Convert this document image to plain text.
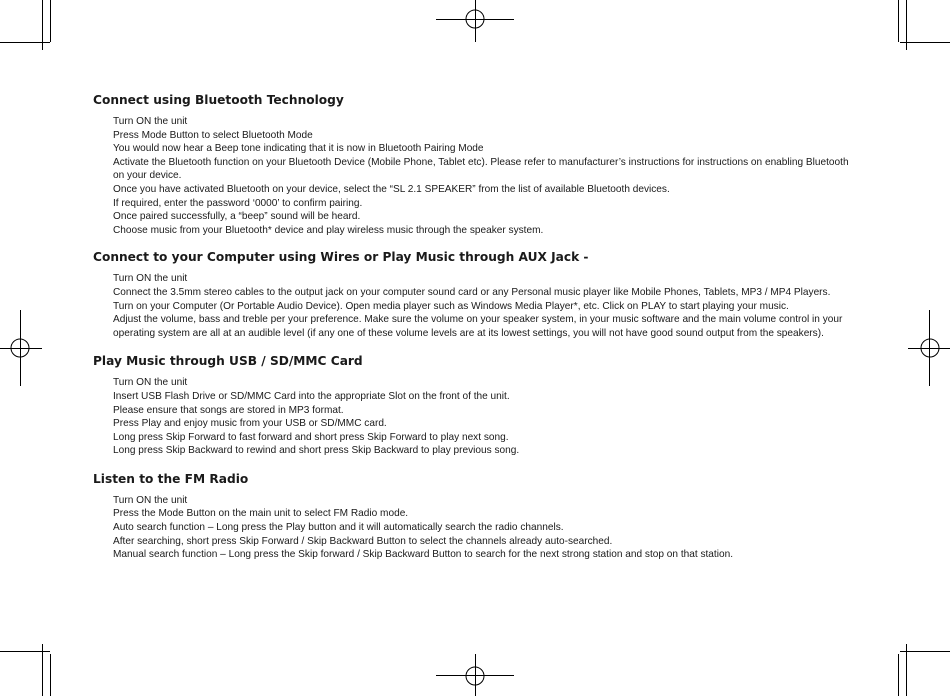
Connect using Bluetooth Technology
Turn ON the unit
Press Mode Button to select Bluetooth Mode
You would now hear a Beep tone indicating that it is now in Bluetooth Pairing Mode
Activate the Bluetooth function on your Bluetooth Device (Mobile Phone, Tablet etc). Please refer to manufacturer’s instructions for instructions on enabling Bluetooth on your device.
Once you have activated Bluetooth on your device, select the “SL 2.1 SPEAKER” from the list of available Bluetooth devices.
If required, enter the password ‘0000’ to confirm pairing.
Once paired successfully, a “beep” sound will be heard.
Choose music from your Bluetooth* device and play wireless music through the speaker system.
Connect to your Computer using Wires or Play Music through AUX Jack -
Turn ON the unit
Connect the 3.5mm stereo cables to the output jack on your computer sound card or any Personal music player like Mobile Phones, Tablets, MP3 / MP4 Players.
Turn on your Computer (Or Portable Audio Device). Open media player such as Windows Media Player*, etc. Click on PLAY to start playing your music.
Adjust the volume, bass and treble per your preference. Make sure the volume on your speaker system, in your music software and the main volume control in your operating system are all at an audible level (if any one of these volume levels are at its lowest settings, you will not have good sound output from the speakers).
Play Music through USB / SD/MMC Card
Turn ON the unit
Insert USB Flash Drive or SD/MMC Card into the appropriate Slot on the front of the unit.
Please ensure that songs are stored in MP3 format.
Press Play and enjoy music from your USB or SD/MMC card.
Long press Skip Forward to fast forward and short press Skip Forward to play next song.
Long press Skip Backward to rewind and short press Skip Backward to play previous song.
Listen to the FM Radio
Turn ON the unit
Press the Mode Button on the main unit to select FM Radio mode.
Auto search function – Long press the Play button and it will automatically search the radio channels.
After searching, short press Skip Forward / Skip Backward Button to select the channels already auto-searched.
Manual search function – Long press the Skip forward / Skip Backward Button to search for the next strong station and stop on that station.
